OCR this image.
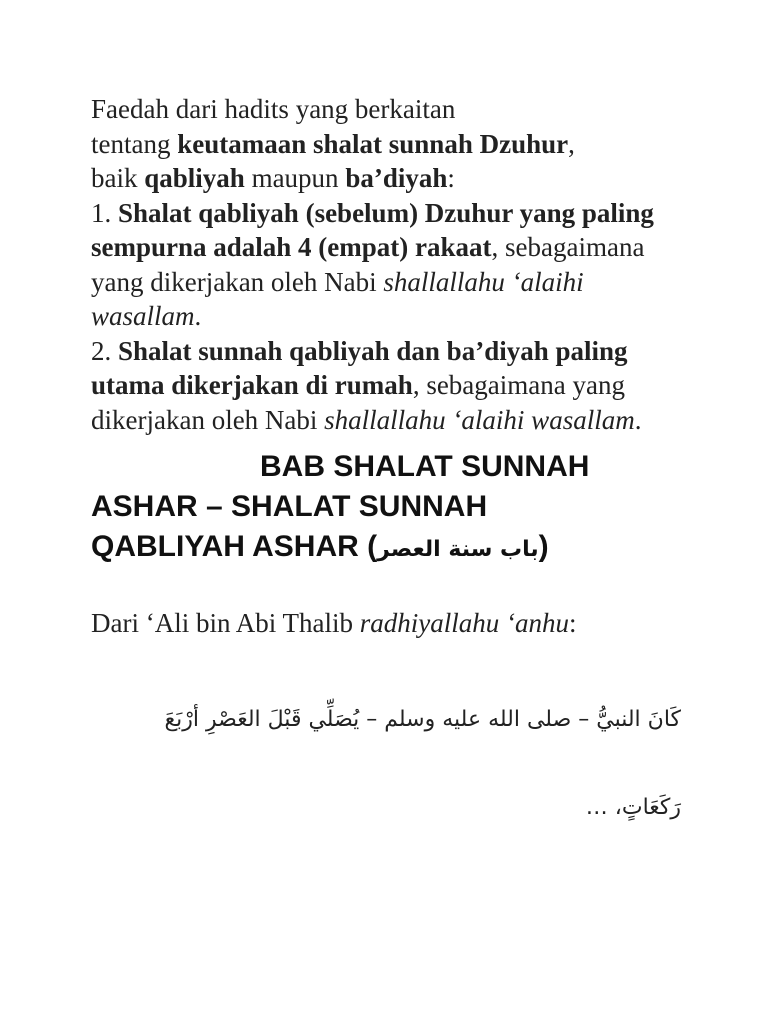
Faedah dari hadits yang berkaitan

tentang keutamaan shalat sunnah Dzuhur,

baik qabliyah maupun ba’diyah:

1. Shalat qabliyah (sebelum) Dzuhur yang paling sempurna adalah 4 (empat) rakaat, sebagaimana yang dikerjakan oleh Nabi shallallahu ‘alaihi wasallam.

2. Shalat sunnah qabliyah dan ba’diyah paling utama dikerjakan di rumah, sebagaimana yang dikerjakan oleh Nabi shallallahu ‘alaihi wasallam.

BAB SHALAT SUNNAH
ASHAR – SHALAT SUNNAH
QABLIYAH ASHAR (باب سنة العصر)
Dari ‘Ali bin Abi Thalib radhiyallahu ‘anhu:
كَانَ النبيُّ – صلى الله عليه وسلم – يُصَلِّي قَبْلَ العَصْرِ أرْبَعَ
رَكَعَاتٍ، …
